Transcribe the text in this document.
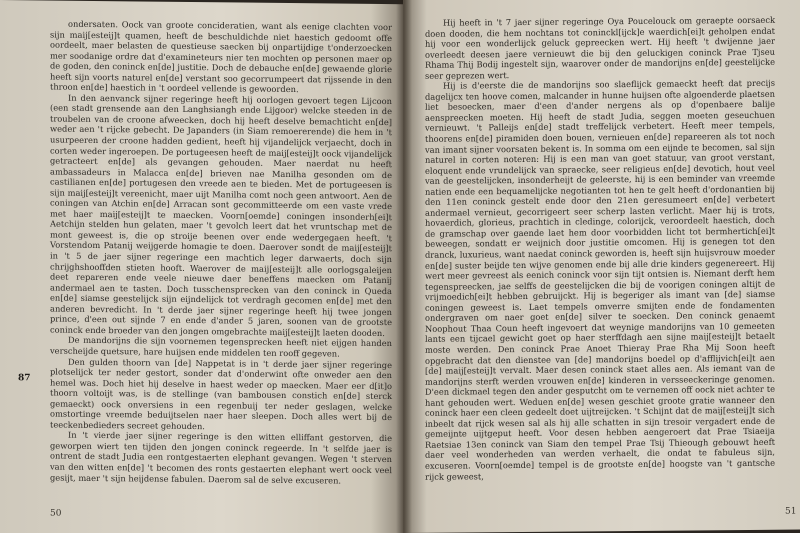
ondersaten. Oock van groote concideratien, want als eenige clachten voor sijn maij[esteij]t quamen, heeft de beschuldichde niet haestich gedoomt offe oordeelt, maer belasten de questieuse saecken bij onpartijdige t'onderzoecken mer soodanige ordre dat d'examineteurs nier ten mochten op personen maer op de goden, den coninck en[de] justitie. Doch de debauche en[de] gewaende glorie heeft sijn voorts naturel en[de] verstant soo gecorrumpeert dat rijssende in den throon en[de] haestich in 't oordeel vellende is gewoorden.

In den aenvanck sijner regeringe heeft hij oorlogen gevoert tegen Lijcoon (een stadt grensende aan den Langhsiangh ende Lijgoor) welcke steeden in de troubelen van de croone afweecken, doch hij heeft deselve bemachticht en[de] weder aen 't rijcke gebecht. De Japanders (in Siam remoererende) die hem in 't usurpeeren der croone hadden gedient, heeft hij vijandelijck verjaecht, doch in corten weder ingeroepen. De portugeesen heeft de maij[esteij]t oock vijandelijck getracteert en[de] als gevangen gehouden. Maer naerdat nu heeft ambassadeurs in Malacca en[de] brieven nae Manilha gesonden om de castilianen en[de] portugesen den vreede aen te bieden. Met de portugeesen is sijn maij[esteij]t vereenicht, maer uijt Manilha comt noch geen antwoort. Aen de coningen van Atchin en[de] Arracan sont gecommitteerde om een vaste vrede met haer maij[esteij]t te maecken. Voorn[oemde] coningen insonderh[ei]t Aetchijn stelden hun gelaten, maer 't gevolch leert dat het vruntschap met de mont geweest is, die op stroije beenen over ende wedergegaen heeft. 't Vorstendom Patanij weijgerde homagie te doen. Daerover sondt de maij[esteij]t in 't 5 de jaer sijner regeringe een machtich leger darwaerts, doch sijn chrijghshooffden stieten hooft. Waerover de maij[esteij]t alle oorlogsgaleijen deet repareren ende veele nieuwe daer beneffens maecken om Patanij andermael aen te tasten. Doch tusschensprecken van den coninck in Queda en[de] siamse geestelijck sijn eijndelijck tot verdragh gecomen en[de] met den anderen bevredicht. In 't derde jaer sijner regeringe heeft hij twee jongen prince, d'een out sijnde 7 en ende d'ander 5 jaren, soonen van de grootste coninck ende broeder van den jongen omgebrachte maij[esteij]t laeten dooden.

De mandorijns die sijn voornemen tegensprecken heeft niet eijgen handen verscheijde quetsure, hare huijsen ende middelen ten rooff gegeven.

Den gulden thoorn van [de] Nappetat is in 't derde jaer sijner regeringe plotselijck ter neder gestort, sonder dat d'onderwint ofte onweder aen den hemel was. Doch hiet hij deselve in haest weder op maecken. Maer eer d[it]o thoorn voltoijt was, is de stellinge (van bambousen constich en[de] sterck gemaeckt) oock onversiens in een regenbuij ter neder geslagen, welcke omstortinge vreemde beduijtselen naer haer sleepen. Doch alles wert bij de teeckenbedieders secreet gehouden.

In 't vierde jaer sijner regeringe is den witten elliffant gestorven, die geworpen wiert ten tijden den jongen coninck regeerde. In 't selfde jaer is ontrent de stadt Judia een rontgestaerten elephant gevangen. Wegen 't sterven van den witten en[de] 't becomen des ronts gestaerten elephant wert oock veel gesijt, maer 't sijn heijdense fabulen. Daerom sal de selve excuseren.

87
50

Hij heeft in 't 7 jaer sijner regeringe Oya Poucelouck om geraepte oorsaeck doen dooden, die hem nochtans tot coninckl[ijck]e waerdich[ei]t geholpen endat hij voor een wonderlijck geluck gepreecken wert. Hij heeft 't dwijenne jaer overleedt deesen jaere vernieuwt die bij den geluckigen coninck Prae Tjseu Rhama Thij Bodij ingestelt sijn, waarover onder de mandorijns en[de] geestelijcke seer geprezen wert.

Hij is d'eerste die de mandorijns soo slaeflijck gemaeckt heeft dat precijs dagelijcx ten hoove comen, malcander in hunne huijsen ofte algoenderde plaetsen liet besoecken, maer d'een d'ander nergens als op d'openbaere balije aenspreecken moeten. Hij heeft de stadt Judia, seggen moeten geseuchuen vernieuwt. 't Palleijs en[de] stadt treffelijck verbetert. Heeft meer tempels, thoorens en[de] piramiden doen bouen, vernieuen en[de] repareeren als tot noch van imant sijner voorsaten bekent is. In somma om een eijnde te becomen, sal sijn naturel in corten noteren: Hij is een man van goet statuur, van groot verstant, eloquent ende vrundelijck van spraecke, seer religieus en[de] devotich, hout veel van de geestelijcken, insonderheijt de geleerste, hij is een beminder van vreemde natien ende een bequamelijcke negotianten tot hen te gelt heeft d'ordonantien bij den 11en coninck gestelt ende door den 21en geresumeert en[de] verbetert andermael vernieut, gecorrigeert seer scherp lasten verlicht. Maer hij is trots, hovaerdich, glorieus, prachtich in cledinge, colorijck, veroordeelt haestich, doch de gramschap over gaende laet hem door voorbidden licht tot bermhertich[ei]t beweegen, sondatt er weijnich door justitie omcomen. Hij is genegen tot den dranck, luxurieus, want naedat coninck geworden is, heeft sijn huijsvrouw moeder en[de] suster beijde ten wijve genomen ende bij alle drie kinders gegenereert. Hij wert meer gevreest als eenich coninck voor sijn tijt ontsien is. Niemant derft hem tegenspreecken, jae selffs de geestelijcken die bij de voorigen coningen altijt de vrijmoedich[ei]t hebben gebruijckt. Hij is begeriger als imant van [de] siamse coningen geweest is. Laet tempels omverre smijten ende de fondamenten ondergraven om naer goet en[de] silver te soecken. Den coninck genaemt Noophout Thaa Coun heeft ingevoert dat weynige mandorijns van 10 gemeeten lants een tijcael gewicht goet op haer sterffdagh aen sijne maij[esteij]t betaelt moste werden. Den coninck Prae Anoet Thieray Prae Rha Mij Soon heeft opgebracht dat den dienstee van [de] mandorijns boedel op d'afflijvich[ei]t aen [de] maij[esteij]t vervalt. Maer desen coninck staet alles aen. Als iemant van de mandorijns sterft werden vrouwen en[de] kinderen in versseeckeringe genomen. D'een dickmael tegen den ander gesputcht om te vernemen off oock niet achter te hant gehouden wert. Weduen en[de] wesen geschiet groote gratie wanneer den coninck haer een cleen gedeelt doet uijtreijcken. 't Schijnt dat de maij[esteij]t sich inbeelt dat rijck wesen sal als hij alle schatten in sijn tresoir vergadert ende de gemeijnte uijtgeput heeft. Voor desen hebben aengeroert dat Prae Tsiaeija Raetsiae 13en coninck van Siam den tempel Prae Tsij Thieough gebouwt heeft daer veel wonderheden van werden verhaelt, die ondat te fabuleus sijn, excuseren. Voorn[oemde] tempel is de grootste en[de] hoogste van 't gantsche rijck geweest,

51
